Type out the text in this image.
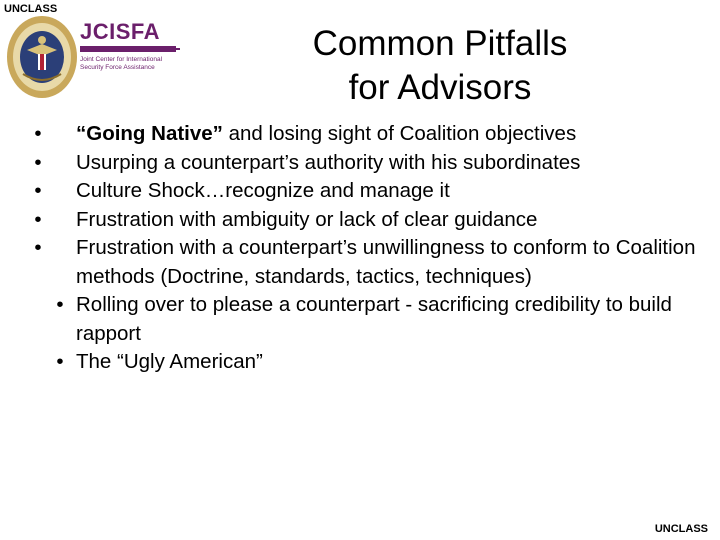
UNCLASS
JCISFA
Joint Center for International
Security Force Assistance
Common Pitfalls
for Advisors
•	“Going Native” and losing sight of Coalition objectives
•	Usurping a counterpart’s authority with his subordinates
•	Culture Shock…recognize and manage it
•	Frustration with ambiguity or lack of clear guidance
•	Frustration with a counterpart’s unwillingness to conform to Coalition methods (Doctrine, standards, tactics, techniques)
• Rolling over to please a counterpart - sacrificing credibility to build rapport
• The “Ugly American”
UNCLASS
